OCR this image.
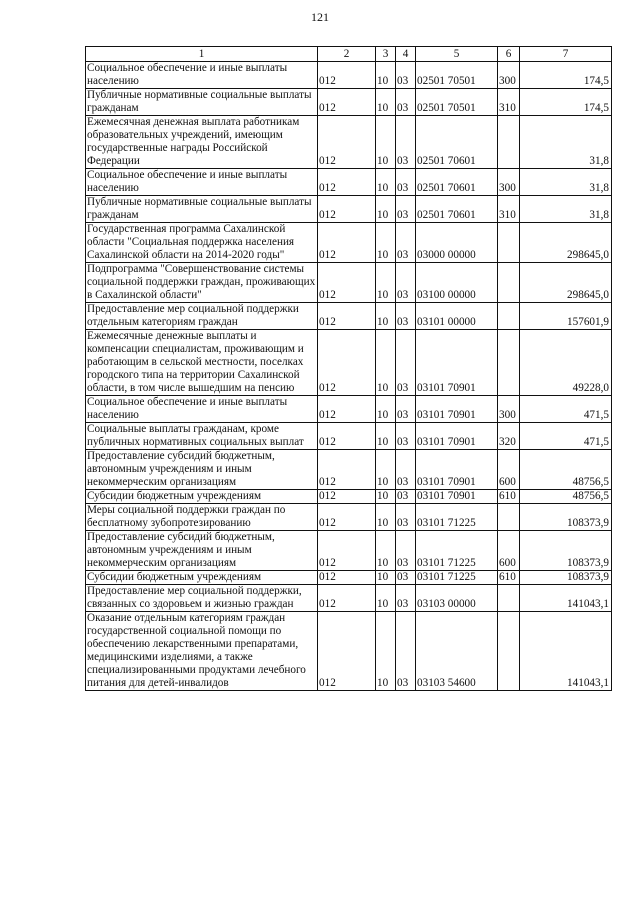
121
1	2	3	4	5	6	7
Социальное обеспечение и иные выплаты населению	012	10	03	02501 70501	300	174,5
Публичные нормативные социальные выплаты гражданам	012	10	03	02501 70501	310	174,5
Ежемесячная денежная выплата работникам образовательных учреждений, имеющим государственные награды Российской Федерации	012	10	03	02501 70601		31,8
Социальное обеспечение и иные выплаты населению	012	10	03	02501 70601	300	31,8
Публичные нормативные социальные выплаты гражданам	012	10	03	02501 70601	310	31,8
Государственная программа Сахалинской области "Социальная поддержка населения Сахалинской области на 2014-2020 годы"	012	10	03	03000 00000		298645,0
Подпрограмма "Совершенствование системы социальной поддержки граждан, проживающих в Сахалинской области"	012	10	03	03100 00000		298645,0
Предоставление мер социальной поддержки отдельным категориям граждан	012	10	03	03101 00000		157601,9
Ежемесячные денежные выплаты и компенсации специалистам, проживающим и работающим в сельской местности, поселках городского типа на территории Сахалинской области, в том числе вышедшим на пенсию	012	10	03	03101 70901		49228,0
Социальное обеспечение и иные выплаты населению	012	10	03	03101 70901	300	471,5
Социальные выплаты гражданам, кроме публичных нормативных социальных выплат	012	10	03	03101 70901	320	471,5
Предоставление субсидий бюджетным, автономным учреждениям и иным некоммерческим организациям	012	10	03	03101 70901	600	48756,5
Субсидии бюджетным учреждениям	012	10	03	03101 70901	610	48756,5
Меры социальной поддержки граждан по бесплатному зубопротезированию	012	10	03	03101 71225		108373,9
Предоставление субсидий бюджетным, автономным учреждениям и иным некоммерческим организациям	012	10	03	03101 71225	600	108373,9
Субсидии бюджетным учреждениям	012	10	03	03101 71225	610	108373,9
Предоставление мер социальной поддержки, связанных со здоровьем и жизнью граждан	012	10	03	03103 00000		141043,1
Оказание отдельным категориям граждан государственной социальной помощи по обеспечению лекарственными препаратами, медицинскими изделиями, а также специализированными продуктами лечебного питания для детей-инвалидов	012	10	03	03103 54600		141043,1
